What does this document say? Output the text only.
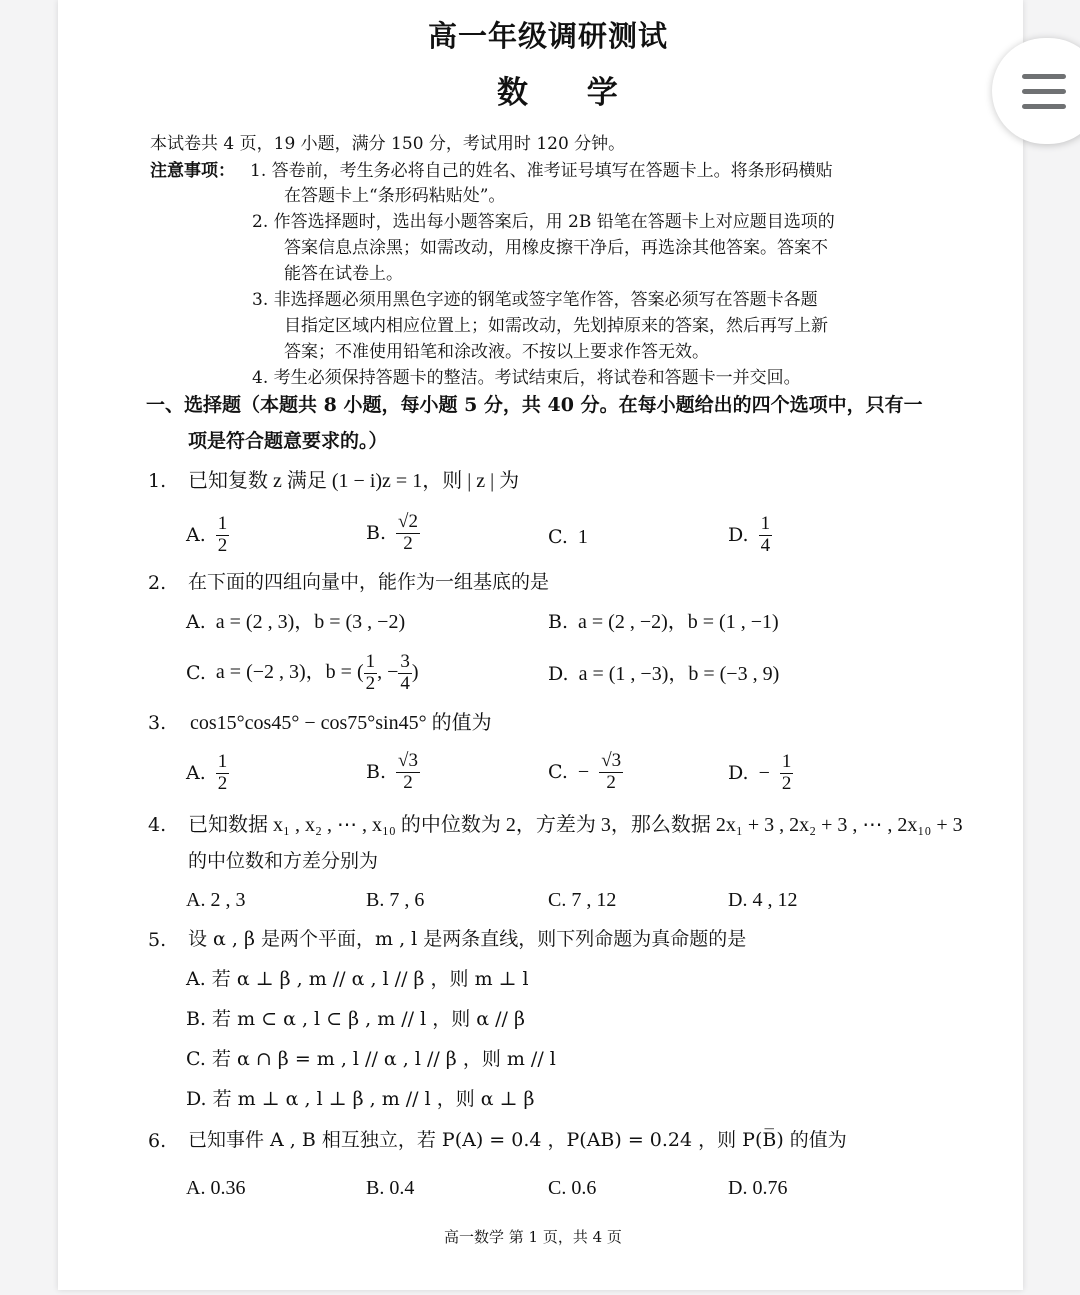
高一年级调研测试
数 学
本试卷共 4 页，19 小题，满分 150 分，考试用时 120 分钟。
注意事项： 1. 答卷前，考生务必将自己的姓名、准考证号填写在答题卡上。将条形码横贴
在答题卡上“条形码粘贴处”。
2. 作答选择题时，选出每小题答案后，用 2B 铅笔在答题卡上对应题目选项的
答案信息点涂黑；如需改动，用橡皮擦干净后，再选涂其他答案。答案不
能答在试卷上。
3. 非选择题必须用黑色字迹的钢笔或签字笔作答，答案必须写在答题卡各题
目指定区域内相应位置上；如需改动，先划掉原来的答案，然后再写上新
答案；不准使用铅笔和涂改液。不按以上要求作答无效。
4. 考生必须保持答题卡的整洁。考试结束后，将试卷和答题卡一并交回。
一、选择题（本题共 8 小题，每小题 5 分，共 40 分。在每小题给出的四个选项中，只有一
项是符合题意要求的。）
1. 已知复数 z 满足 (1 − i)z = 1，则 | z | 为
A. $\frac{1}{2}$	B. $\frac{√2}{2}$	C. 1	D. $\frac{1}{4}$
2. 在下面的四组向量中，能作为一组基底的是
A. a = (2 , 3)，b = (3 , −2)	B. a = (2 , −2)，b = (1 , −1)
C. a = (−2 , 3)，b = ( $\frac{1}{2}$ , − $\frac{3}{4}$ )	D. a = (1 , −3)，b = (−3 , 9)
3. cos15°cos45° − cos75°sin45° 的值为
A. $\frac{1}{2}$	B. $\frac{√3}{2}$	C. − $\frac{√3}{2}$	D. − $\frac{1}{2}$
4. 已知数据 x₁ , x₂ , ⋯ , x₁₀ 的中位数为 2，方差为 3，那么数据 2x₁ + 3 , 2x₂ + 3 , ⋯ , 2x₁₀ + 3
的中位数和方差分别为
A. 2 , 3	B. 7 , 6	C. 7 , 12	D. 4 , 12
5. 设 α , β 是两个平面，m , l 是两条直线，则下列命题为真命题的是
A. 若 α ⊥ β , m // α , l // β ，则 m ⊥ l
B. 若 m ⊂ α , l ⊂ β , m // l ，则 α // β
C. 若 α ∩ β = m , l // α , l // β ，则 m // l
D. 若 m ⊥ α , l ⊥ β , m // l ，则 α ⊥ β
6. 已知事件 A , B 相互独立，若 P(A) = 0.4 ，P(AB) = 0.24 ，则 P(B̅) 的值为
A. 0.36	B. 0.4	C. 0.6	D. 0.76
高一数学 第 1 页，共 4 页
